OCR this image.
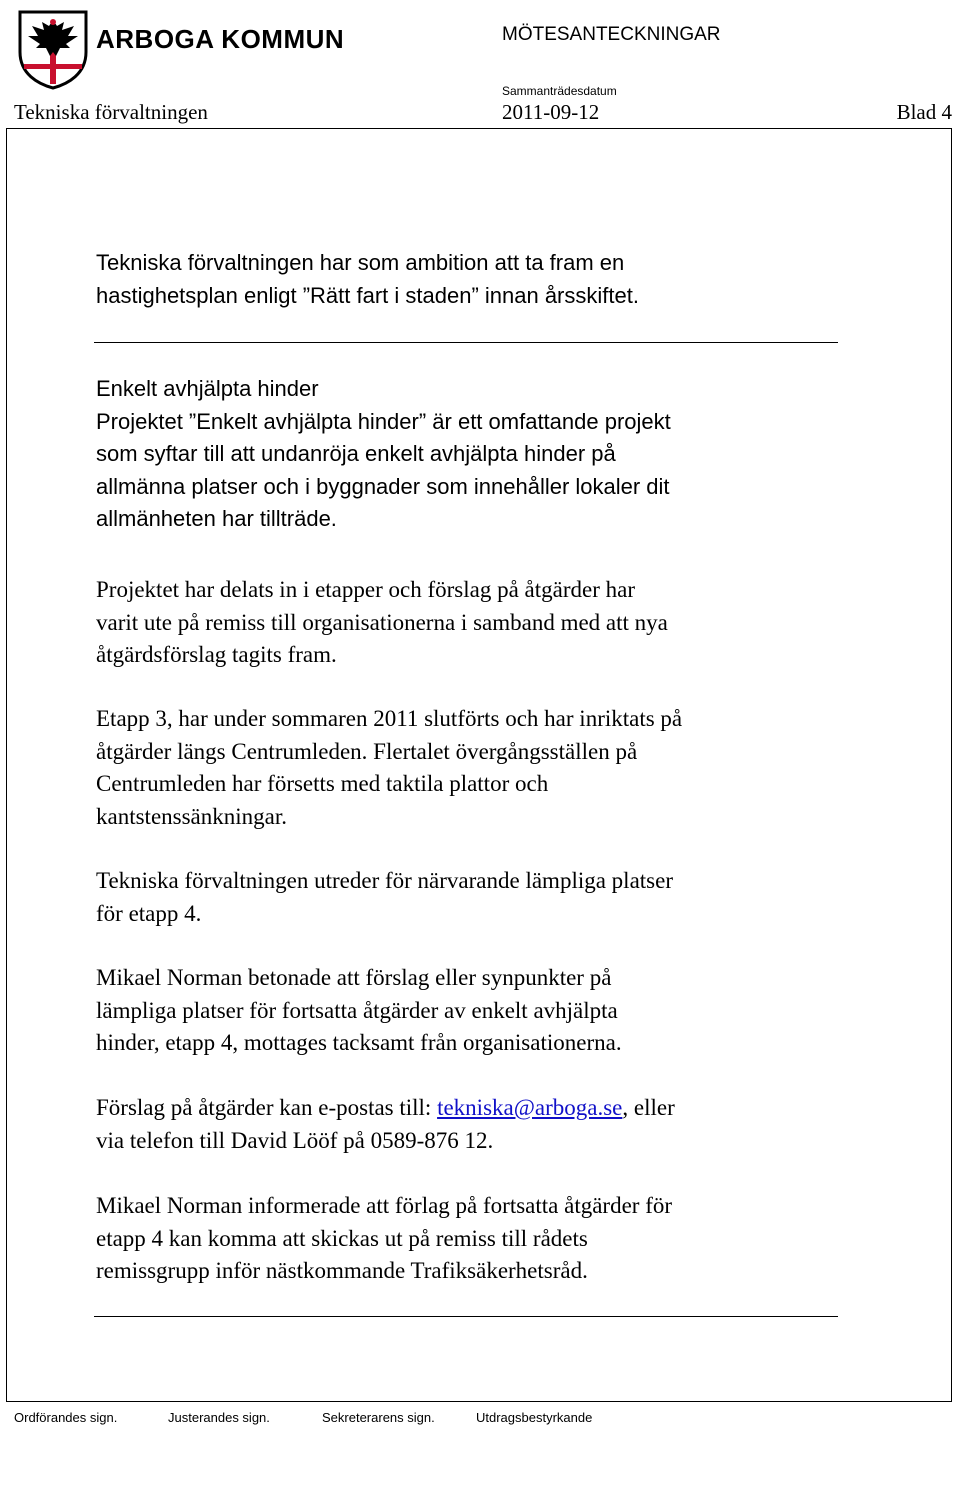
ARBOGA KOMMUN	MÖTESANTECKNINGAR
Sammanträdesdatum
Tekniska förvaltningen	2011-09-12	Blad 4

Tekniska förvaltningen har som ambition att ta fram en

hastighetsplan enligt ”Rätt fart i staden” innan årsskiftet.

Enkelt avhjälpta hinder

Projektet ”Enkelt avhjälpta hinder” är ett omfattande projekt

som syftar till att undanröja enkelt avhjälpta hinder på

allmänna platser och i byggnader som innehåller lokaler dit

allmänheten har tillträde.

Projektet har delats in i etapper och förslag på åtgärder har

varit ute på remiss till organisationerna i samband med att nya

åtgärdsförslag tagits fram.

Etapp 3, har under sommaren 2011 slutförts och har inriktats på

åtgärder längs Centrumleden. Flertalet övergångsställen på

Centrumleden har försetts med taktila plattor och

kantstenssänkningar.

Tekniska förvaltningen utreder för närvarande lämpliga platser

för etapp 4.

Mikael Norman betonade att förslag eller synpunkter på

lämpliga platser för fortsatta åtgärder av enkelt avhjälpta

hinder, etapp 4, mottages tacksamt från organisationerna.

Förslag på åtgärder kan e-postas till: tekniska@arboga.se, eller

via telefon till David Lööf på 0589-876 12.

Mikael Norman informerade att förlag på fortsatta åtgärder för

etapp 4 kan komma att skickas ut på remiss till rådets

remissgrupp inför nästkommande Trafiksäkerhetsråd.

Ordförandes sign.	Justerandes sign.	Sekreterarens sign.	Utdragsbestyrkande
